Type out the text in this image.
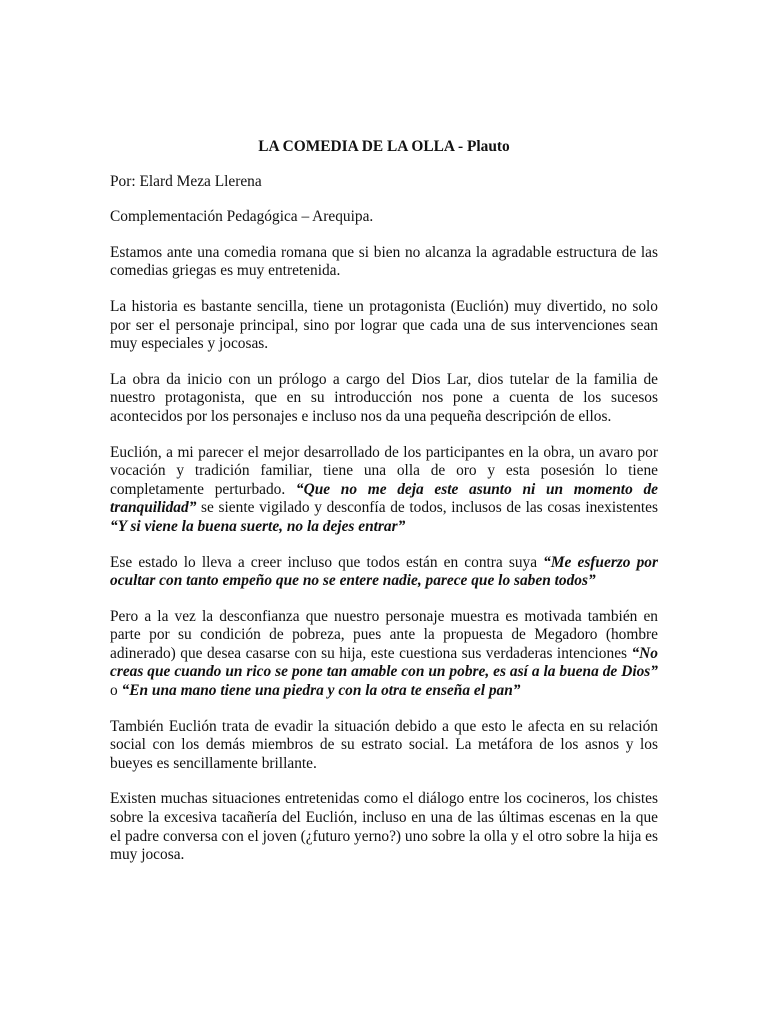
LA COMEDIA DE LA OLLA - Plauto
Por: Elard Meza Llerena
Complementación Pedagógica – Arequipa.
Estamos ante una comedia romana que si bien no alcanza la agradable estructura de las comedias griegas es muy entretenida.
La historia es bastante sencilla, tiene un protagonista (Euclión) muy divertido, no solo por ser el personaje principal, sino por lograr que cada una de sus intervenciones sean muy especiales y jocosas.
La obra da inicio con un prólogo a cargo del Dios Lar, dios tutelar de la familia de nuestro protagonista, que en su introducción nos pone a cuenta de los sucesos acontecidos por los personajes e incluso nos da una pequeña descripción de ellos.
Euclión, a mi parecer el mejor desarrollado de los participantes en la obra, un avaro por vocación y tradición familiar, tiene una olla de oro y esta posesión lo tiene completamente perturbado. “Que no me deja este asunto ni un momento de tranquilidad” se siente vigilado y desconfía de todos, inclusos de las cosas inexistentes “Y si viene la buena suerte, no la dejes entrar”
Ese estado lo lleva a creer incluso que todos están en contra suya “Me esfuerzo por ocultar con tanto empeño que no se entere nadie, parece que lo saben todos”
Pero a la vez la desconfianza que nuestro personaje muestra es motivada también en parte por su condición de pobreza, pues ante la propuesta de Megadoro (hombre adinerado) que desea casarse con su hija, este cuestiona sus verdaderas intenciones “No creas que cuando un rico se pone tan amable con un pobre, es así a la buena de Dios” o “En una mano tiene una piedra y con la otra te enseña el pan”
También Euclión trata de evadir la situación debido a que esto le afecta en su relación social con los demás miembros de su estrato social. La metáfora de los asnos y los bueyes es sencillamente brillante.
Existen muchas situaciones entretenidas como el diálogo entre los cocineros, los chistes sobre la excesiva tacañería del Euclión, incluso en una de las últimas escenas en la que el padre conversa con el joven (¿futuro yerno?) uno sobre la olla y el otro sobre la hija es muy jocosa.
